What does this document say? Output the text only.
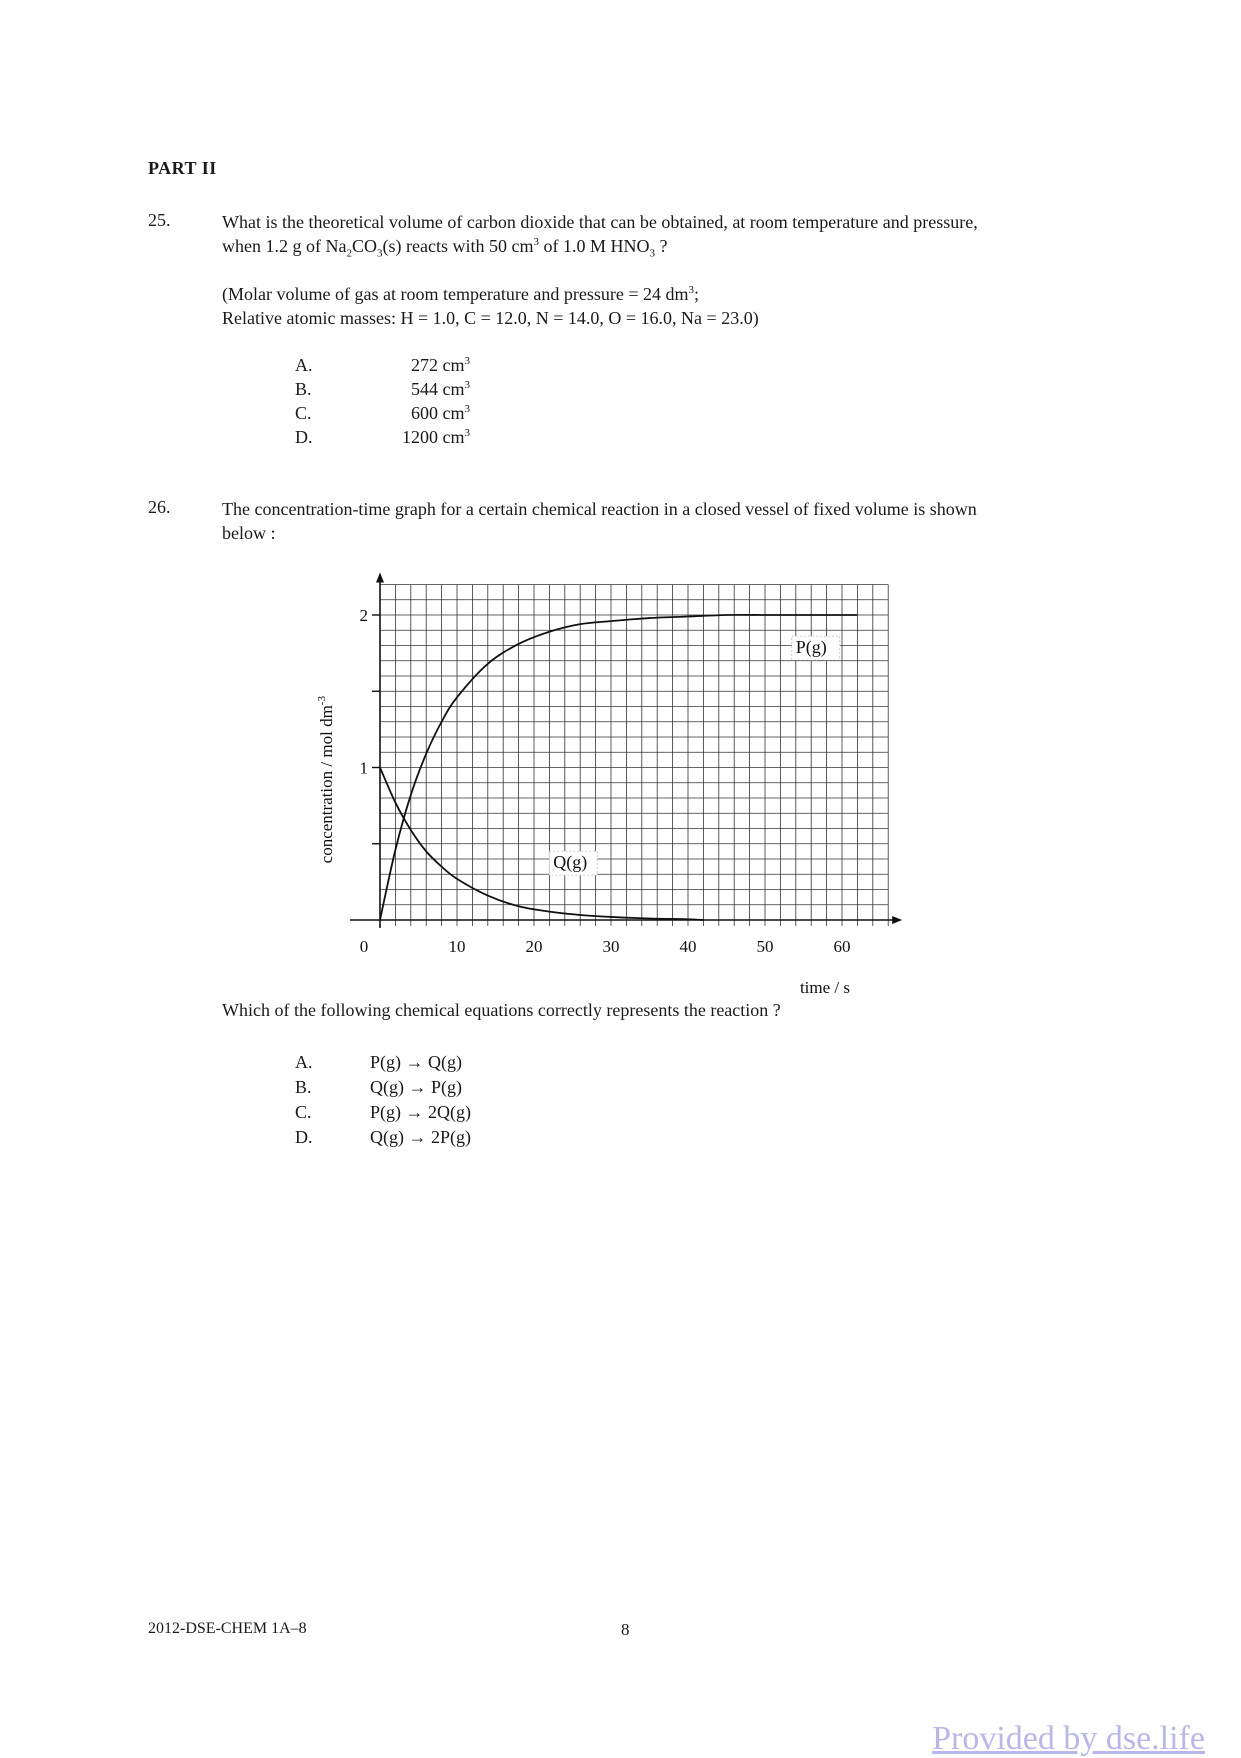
PART II
25.	What is the theoretical volume of carbon dioxide that can be obtained, at room temperature and pressure,
when 1.2 g of $Na_2CO_3(s)$ reacts with 50 $cm^3$ of 1.0 M $HNO_3$ ?
(Molar volume of gas at room temperature and pressure = 24 $dm^3$;
Relative atomic masses: H = 1.0, C = 12.0, N = 14.0, O = 16.0, Na = 23.0)
A.	272 $cm^3$
B.	544 $cm^3$
C.	600 $cm^3$
D.	1200 $cm^3$
26.	The concentration-time graph for a certain chemical reaction in a closed vessel of fixed volume is shown
below :
1
2
0	10	20	30	40	50	60
P(g)
Q(g)
concentration / mol $dm^{-3}$
time / s
Which of the following chemical equations correctly represents the reaction ?
A.	P(g) → Q(g)
B.	Q(g) → P(g)
C.	P(g) → 2Q(g)
D.	Q(g) → 2P(g)
2012-DSE-CHEM 1A–8	8
Provided by dse.life
